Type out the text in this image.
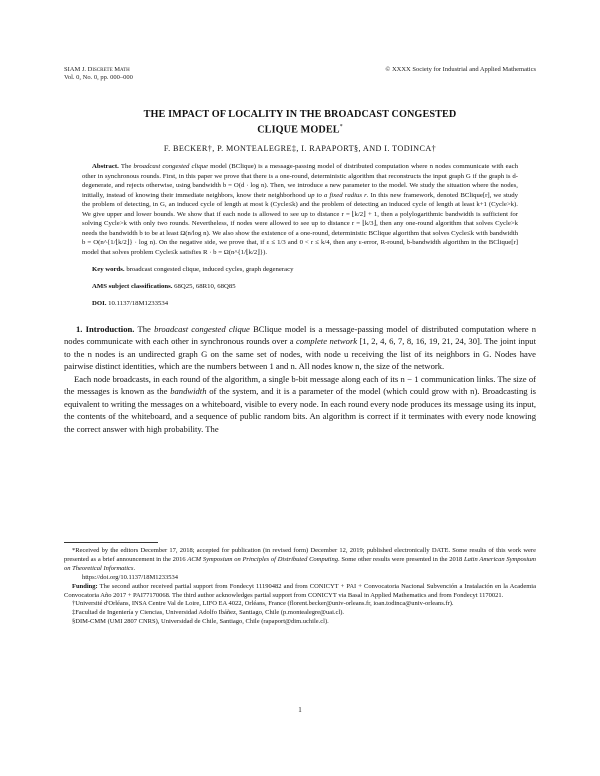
SIAM J. Discrete Math
Vol. 0, No. 0, pp. 000–000
© XXXX Society for Industrial and Applied Mathematics
THE IMPACT OF LOCALITY IN THE BROADCAST CONGESTED
CLIQUE MODEL*
F. BECKER†, P. MONTEALEGRE‡, I. RAPAPORT§, AND I. TODINCA†

Abstract. The broadcast congested clique model (BClique) is a message-passing model of distributed computation where n nodes communicate with each other in synchronous rounds. First, in this paper we prove that there is a one-round, deterministic algorithm that reconstructs the input graph G if the graph is d-degenerate, and rejects otherwise, using bandwidth b = O(d · log n). Then, we introduce a new parameter to the model. We study the situation where the nodes, initially, instead of knowing their immediate neighbors, know their neighborhood up to a fixed radius r. In this new framework, denoted BClique[r], we study the problem of detecting, in G, an induced cycle of length at most k (Cycle≤k) and the problem of detecting an induced cycle of length at least k+1 (Cycle>k). We give upper and lower bounds. We show that if each node is allowed to see up to distance r = ⌊k/2⌋ + 1, then a polylogarithmic bandwidth is sufficient for solving Cycle>k with only two rounds. Nevertheless, if nodes were allowed to see up to distance r = ⌊k/3⌋, then any one-round algorithm that solves Cycle>k needs the bandwidth b to be at least Ω(n/log n). We also show the existence of a one-round, deterministic BClique algorithm that solves Cycle≤k with bandwidth b = O(n^{1/⌊k/2⌋} · log n). On the negative side, we prove that, if ε ≤ 1/3 and 0 < r ≤ k/4, then any ε-error, R-round, b-bandwidth algorithm in the BClique[r] model that solves problem Cycle≤k satisfies R · b = Ω(n^{1/⌊k/2⌋}).

Key words. broadcast congested clique, induced cycles, graph degeneracy

AMS subject classifications. 68Q25, 68R10, 68Q85

DOI. 10.1137/18M1233534

1. Introduction. The broadcast congested clique BClique model is a message-passing model of distributed computation where n nodes communicate with each other in synchronous rounds over a complete network [1, 2, 4, 6, 7, 8, 16, 19, 21, 24, 30]. The joint input to the n nodes is an undirected graph G on the same set of nodes, with node u receiving the list of its neighbors in G. Nodes have pairwise distinct identities, which are the numbers between 1 and n. All nodes know n, the size of the network.

Each node broadcasts, in each round of the algorithm, a single b-bit message along each of its n − 1 communication links. The size of the messages is known as the bandwidth of the system, and it is a parameter of the model (which could grow with n). Broadcasting is equivalent to writing the messages on a whiteboard, visible to every node. In each round every node produces its message using its input, the contents of the whiteboard, and a sequence of public random bits. An algorithm is correct if it terminates with every node knowing the correct answer with high probability. The

*Received by the editors December 17, 2018; accepted for publication (in revised form) December 12, 2019; published electronically DATE. Some results of this work were presented as a brief announcement in the 2016 ACM Symposium on Principles of Distributed Computing. Some other results were presented in the 2018 Latin American Symposium on Theoretical Informatics.

https://doi.org/10.1137/18M1233534

Funding: The second author received partial support from Fondecyt 11190482 and from CONICYT + PAI + Convocatoria Nacional Subvención a Instalación en la Academia Convocatoria Año 2017 + PAI77170068. The third author acknowledges partial support from CONICYT via Basal in Applied Mathematics and from Fondecyt 1170021.

†Université d'Orléans, INSA Centre Val de Loire, LIFO EA 4022, Orléans, France (florent.becker@univ-orleans.fr, ioan.todinca@univ-orleans.fr).

‡Facultad de Ingeniería y Ciencias, Universidad Adolfo Ibáñez, Santiago, Chile (p.montealegre@uai.cl).

§DIM-CMM (UMI 2807 CNRS), Universidad de Chile, Santiago, Chile (rapaport@dim.uchile.cl).

1
